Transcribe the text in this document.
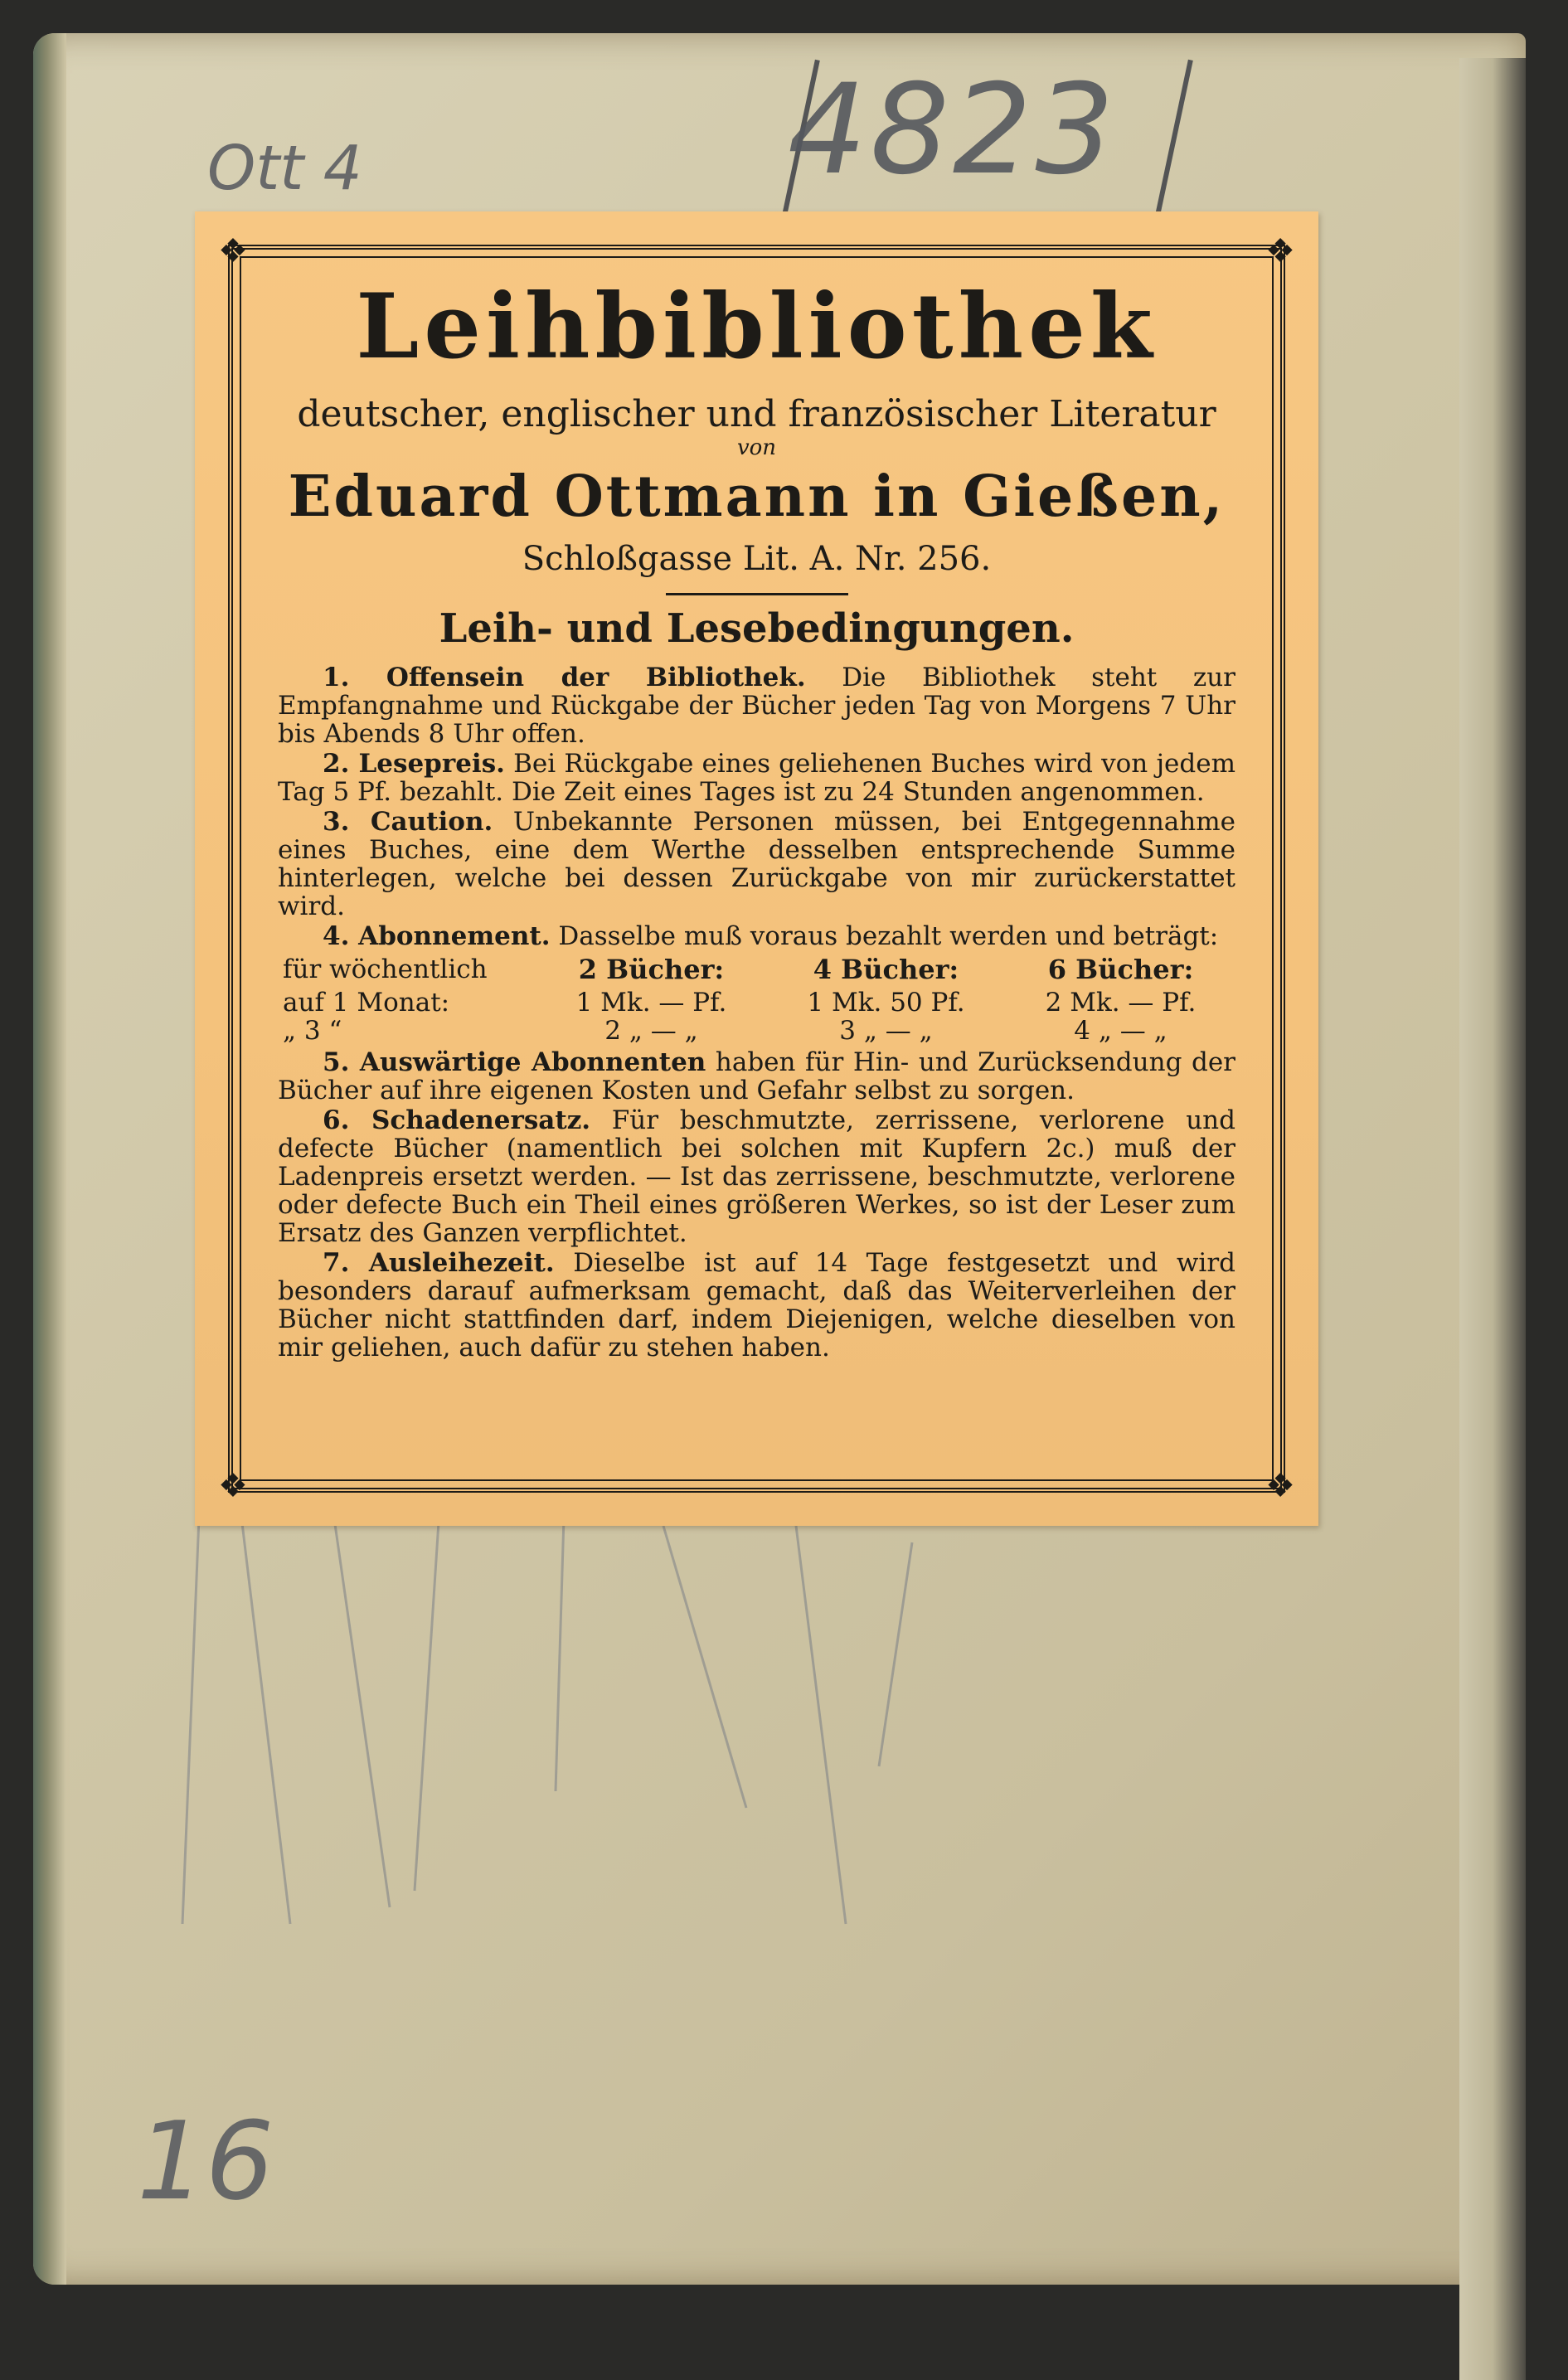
4823
Ott 4
16
❖	❖
❖	❖
Leihbibliothek
deutscher, englischer und französischer Literatur
von
Eduard Ottmann in Gießen,
Schloßgasse Lit. A. Nr. 256.
Leih- und Lesebedingungen.

1. Offensein der Bibliothek. Die Bibliothek steht zur Empfangnahme und Rückgabe der Bücher jeden Tag von Morgens 7 Uhr bis Abends 8 Uhr offen.

2. Lesepreis. Bei Rückgabe eines geliehenen Buches wird von jedem Tag 5 Pf. bezahlt. Die Zeit eines Tages ist zu 24 Stunden angenommen.

3. Caution. Unbekannte Personen müssen, bei Entgegennahme eines Buches, eine dem Werthe desselben entsprechende Summe hinterlegen, welche bei dessen Zurückgabe von mir zurückerstattet wird.

4. Abonnement. Dasselbe muß voraus bezahlt werden und beträgt:

für wöchentlich	2 Bücher:	4 Bücher:	6 Bücher:
auf 1 Monat:	1 Mk. — Pf.	1 Mk. 50 Pf.	2 Mk. — Pf.
„ 3 “	2 „ — „	3 „ — „	4 „ — „

5. Auswärtige Abonnenten haben für Hin- und Zurücksendung der Bücher auf ihre eigenen Kosten und Gefahr selbst zu sorgen.

6. Schadenersatz. Für beschmutzte, zerrissene, verlorene und defecte Bücher (namentlich bei solchen mit Kupfern 2c.) muß der Ladenpreis ersetzt werden. — Ist das zerrissene, beschmutzte, verlorene oder defecte Buch ein Theil eines größeren Werkes, so ist der Leser zum Ersatz des Ganzen verpflichtet.

7. Ausleihezeit. Dieselbe ist auf 14 Tage festgesetzt und wird besonders darauf aufmerksam gemacht, daß das Weiterverleihen der Bücher nicht stattfinden darf, indem Diejenigen, welche dieselben von mir geliehen, auch dafür zu stehen haben.
